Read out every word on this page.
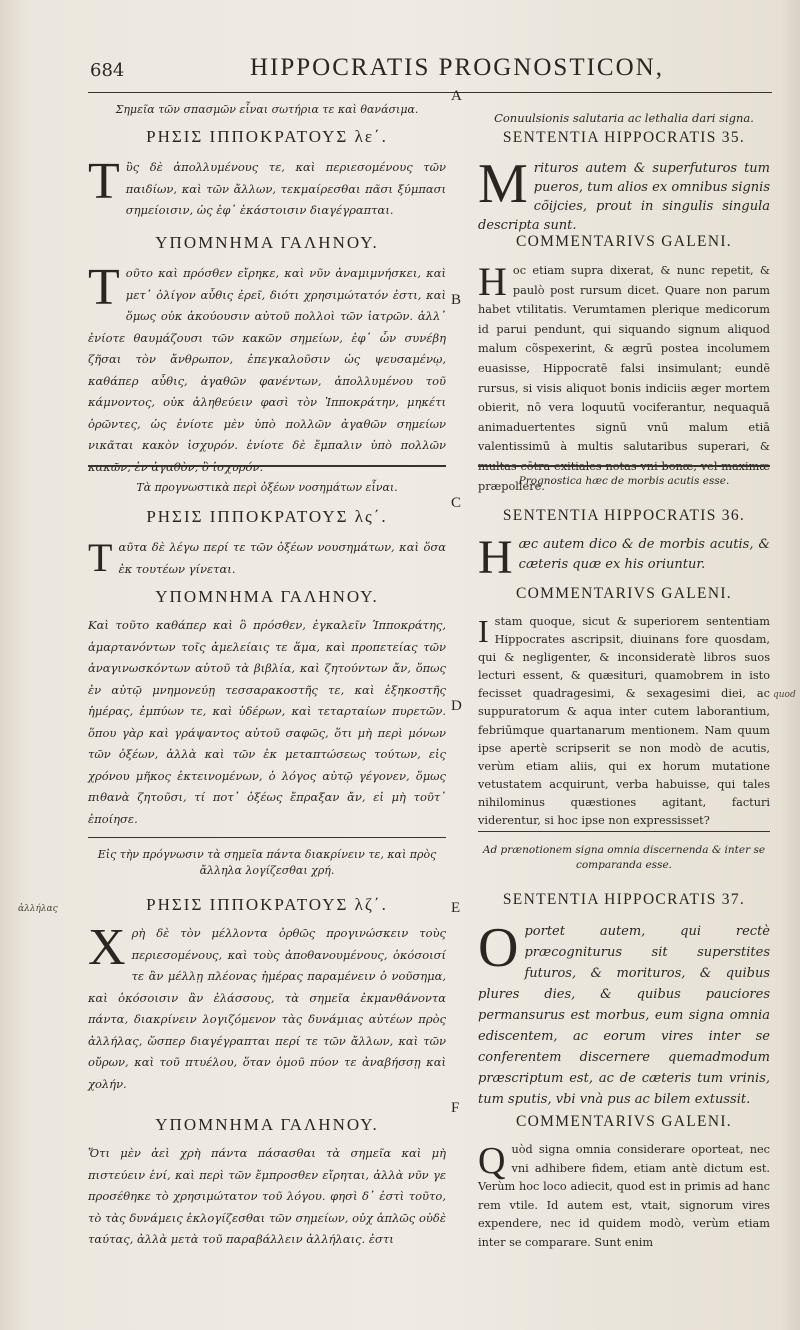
684	HIPPOCRATIS PROGNOSTICON,
A
B
C
D
E
F
Σημεῖα τῶν σπασμῶν εἶναι σωτήρια τε καὶ θανάσιμα.
ΡΗΣΙΣ ΙΠΠΟΚΡΑΤΟΥΣ λε΄.
Tὓς δὲ ἀπολλυμένους τε, καὶ περιεσομένους τῶν παιδίων, καὶ τῶν ἄλλων, τεκμαίρεσθαι πᾶσι ξύμπασι σημείοισιν, ὡς ἐφ᾽ ἑκάστοισιν διαγέγραπται.
ΥΠΟΜΝΗΜΑ ΓΑΛΗΝΟΥ.
Tοῦτο καὶ πρόσθεν εἴρηκε, καὶ νῦν ἀναμιμνήσκει, καὶ μετ᾽ ὀλίγον αὖθις ἐρεῖ, διότι χρησιμώτατόν ἐστι, καὶ ὅμως οὐκ ἀκούουσιν αὐτοῦ πολλοὶ τῶν ἰατρῶν. ἀλλ᾽ ἐνίοτε θαυμάζουσι τῶν κακῶν σημείων, ἐφ᾽ ὧν συνέβη ζῆσαι τὸν ἄνθρωπον, ἐπεγκαλοῦσιν ὡς ψευσαμένῳ, καθάπερ αὖθις, ἀγαθῶν φανέντων, ἀπολλυμένου τοῦ κάμνοντος, οὐκ ἀληθεύειν φασὶ τὸν Ἱπποκράτην, μηκέτι ὁρῶντες, ὡς ἐνίοτε μὲν ὑπὸ πολλῶν ἀγαθῶν σημείων νικᾶται κακὸν ἰσχυρόν. ἐνίοτε δὲ ἔμπαλιν ὑπὸ πολλῶν κακῶν, ἐν ἀγαθὸν, ὃ ἰσχυρόν.
Τὰ προγνωστικὰ περὶ ὀξέων νοσημάτων εἶναι.
ΡΗΣΙΣ ΙΠΠΟΚΡΑΤΟΥΣ λς΄.
Tαῦτα δὲ λέγω περί τε τῶν ὀξέων νουσημάτων, καὶ ὅσα ἐκ τουτέων γίνεται.
ΥΠΟΜΝΗΜΑ ΓΑΛΗΝΟΥ.
Καὶ τοῦτο καθάπερ καὶ ὃ πρόσθεν, ἐγκαλεῖν Ἱπποκράτης, ἁμαρτανόντων τοῖς ἀμελείαις τε ἅμα, καὶ προπετείας τῶν ἀναγινωσκόντων αὐτοῦ τὰ βιβλία, καὶ ζητούντων ἄν, ὅπως ἐν αὐτῷ μνημονεύῃ τεσσαρακοστῆς τε, καὶ ἑξηκοστῆς ἡμέρας, ἐμπύων τε, καὶ ὑδέρων, καὶ τεταρταίων πυρετῶν. ὅπου γὰρ καὶ γράψαντος αὐτοῦ σαφῶς, ὅτι μὴ περὶ μόνων τῶν ὀξέων, ἀλλὰ καὶ τῶν ἐκ μεταπτώσεως τούτων, εἰς χρόνου μῆκος ἐκτεινομένων, ὁ λόγος αὐτῷ γέγονεν, ὅμως πιθανὰ ζητοῦσι, τί ποτ᾽ ὀξέως ἔπραξαν ἄν, εἰ μὴ τοῦτ᾽ ἐποίησε.
Εἰς τὴν πρόγνωσιν τὰ σημεῖα πάντα διακρίνειν τε, καὶ πρὸς ἄλληλα λογίζεσθαι χρή.
ΡΗΣΙΣ ΙΠΠΟΚΡΑΤΟΥΣ λζ΄.
Xρὴ δὲ τὸν μέλλοντα ὀρθῶς προγινώσκειν τοὺς περιεσομένους, καὶ τοὺς ἀποθανουμένους, ὁκόσοισί τε ἂν μέλλῃ πλέονας ἡμέρας παραμένειν ὁ νοῦσημα, καὶ ὁκόσοισιν ἂν ἐλάσσους, τὰ σημεῖα ἐκμανθάνοντα πάντα, διακρίνειν λογιζόμενον τὰς δυνάμιας αὐτέων πρὸς ἀλλήλας, ὥσπερ διαγέγραπται περί τε τῶν ἄλλων, καὶ τῶν οὔρων, καὶ τοῦ πτυέλου, ὅταν ὁμοῦ πύον τε ἀναβήσσῃ καὶ χολήν.
ΥΠΟΜΝΗΜΑ ΓΑΛΗΝΟΥ.
Ὅτι μὲν ἀεὶ χρὴ πάντα πάσασθαι τὰ σημεῖα καὶ μὴ πιστεύειν ἑνί, καὶ περὶ τῶν ἔμπροσθεν εἴρηται, ἀλλὰ νῦν γε προσέθηκε τὸ χρησιμώτατον τοῦ λόγου. φησὶ δ᾽ ἐστὶ τοῦτο, τὸ τὰς δυνάμεις ἐκλογίζεσθαι τῶν σημείων, οὐχ ἁπλῶς οὐδὲ ταύτας, ἀλλὰ μετὰ τοῦ παραβάλλειν ἀλλήλαις. ἐστι
Conuulsionis salutaria ac lethalia dari signa.
SENTENTIA HIPPOCRATIS 35.
Mrituros autem & superfuturos tum pueros, tum alios ex omnibus signis cõijcies, prout in singulis singula descripta sunt.
COMMENTARIVS GALENI.
Hoc etiam supra dixerat, & nunc repetit, & paulò post rursum dicet. Quare non parum habet vtilitatis. Verumtamen plerique medicorum id parui pendunt, qui siquando signum aliquod malum cõspexerint, & ægrū postea incolumem euasisse, Hippocratē falsi insimulant; eundē rursus, si visis aliquot bonis indiciis æger mortem obierit, nō vera loquutū vociferantur, nequaquā animaduertentes signū vnū malum etiā valentissimū à multis salutaribus superari, & multas cōtra exitiales notas vni bonæ, vel maximæ præpollere.
Prognostica hæc de morbis acutis esse.
SENTENTIA HIPPOCRATIS 36.
Hæc autem dico & de morbis acutis, & cæteris quæ ex his oriuntur.
COMMENTARIVS GALENI.
Istam quoque, sicut & superiorem sententiam Hippocrates ascripsit, diuinans fore quosdam, qui & negligenter, & inconsideratè libros suos lecturi essent, & quæsituri, quamobrem in isto fecisset quadragesimi, & sexagesimi diei, ac suppuratorum & aqua inter cutem laborantium, febriūmque quartanarum mentionem. Nam quum ipse apertè scripserit se non modò de acutis, verùm etiam aliis, qui ex horum mutatione vetustatem acquirunt, verba habuisse, qui tales nihilominus quæstiones agitant, facturi viderentur, si hoc ipse non expressisset?
Ad prænotionem signa omnia discernenda & inter se comparanda esse.
SENTENTIA HIPPOCRATIS 37.
Oportet autem, qui rectè præcogniturus sit superstites futuros, & morituros, & quibus plures dies, & quibus pauciores permansurus est morbus, eum signa omnia ediscentem, ac eorum vires inter se conferentem discernere quemadmodum præscriptum est, ac de cæteris tum vrinis, tum sputis, vbi vnà pus ac bilem extussit.
COMMENTARIVS GALENI.
Quòd signa omnia considerare oporteat, nec vni adhibere fidem, etiam antè dictum est. Verùm hoc loco adiecit, quod est in primis ad hanc rem vtile. Id autem est, vtait, signorum vires expendere, nec id quidem modò, verùm etiam inter se comparare. Sunt enim
quod
ἀλλήλας
